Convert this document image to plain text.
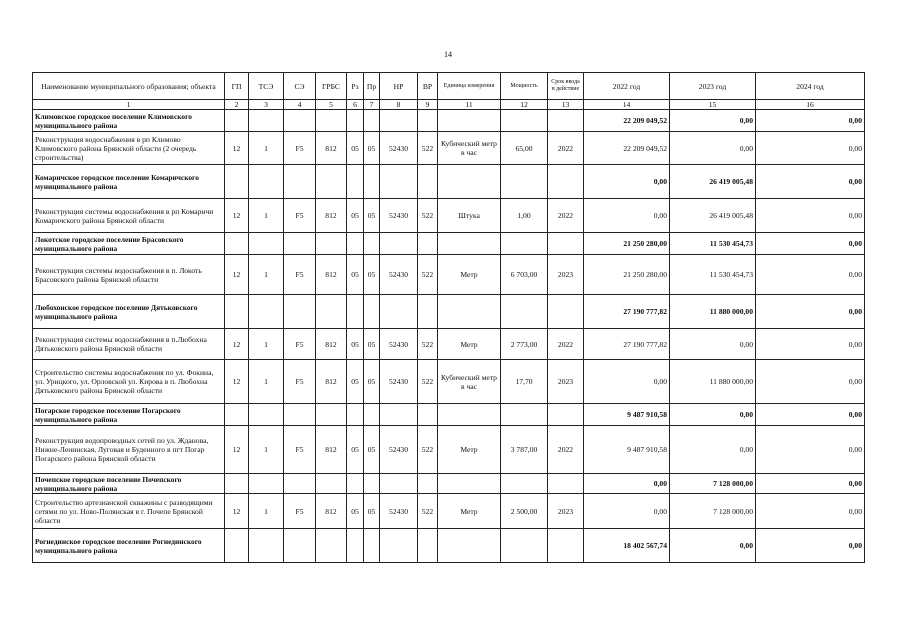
14
Наименование муниципального образования; объекта	ГП	ТСЭ	СЭ	ГРБС	Рз	Пр	НР	ВР	Единица измерения	Мощность	Срок ввода в действие	2022 год	2023 год	2024 год
1	2	3	4	5	6	7	8	9	11	12	13	14	15	16
Климовское городское поселение Климовского муниципального района												22 209 049,52	0,00	0,00
Реконструкция водоснабжения в рп Климово Климовского района Брянской области (2 очередь строительства)	12	1	F5	812	05	05	52430	522	Кубический метр в час	65,00	2022	22 209 049,52	0,00	0,00
Комаричское городское поселение Комаричского муниципального района												0,00	26 419 005,48	0,00
Реконструкция системы водоснабжения в рп Комаричи Комаричского района Брянской области	12	1	F5	812	05	05	52430	522	Штука	1,00	2022	0,00	26 419 005,48	0,00
Локотское городское поселение Брасовского муниципального района												21 250 280,00	11 530 454,73	0,00
Реконструкция системы водоснабжения в п. Локоть Брасовского района Брянской области	12	1	F5	812	05	05	52430	522	Метр	6 703,00	2023	21 250 280,00	11 530 454,73	0,00
Любохонское городское поселение Дятьковского муниципального района												27 190 777,82	11 880 000,00	0,00
Реконструкция системы водоснабжения в п.Любохна Дятьковского района Брянской области	12	1	F5	812	05	05	52430	522	Метр	2 773,00	2022	27 190 777,82	0,00	0,00
Строительство системы водоснабжения по ул. Фокина, ул. Урицкого, ул. Орловской ул. Кирова в п. Любохна Дятьковского района Брянской области	12	1	F5	812	05	05	52430	522	Кубический метр в час	17,70	2023	0,00	11 880 000,00	0,00
Погарское городское поселение Погарского муниципального района												9 487 910,58	0,00	0,00
Реконструкция водопроводных сетей по ул. Жданова, Нижне-Ленинская, Луговая и Буденного в пгт Погар Погарского района Брянской области	12	1	F5	812	05	05	52430	522	Метр	3 787,00	2022	9 487 910,58	0,00	0,00
Почепское городское поселение Почепского муниципального района												0,00	7 128 000,00	0,00
Строительство артезианской скважины с разводящими сетями по ул. Ново-Полянская в г. Почепе Брянской области	12	1	F5	812	05	05	52430	522	Метр	2 500,00	2023	0,00	7 128 000,00	0,00
Рогнединское городское поселение Рогнединского муниципального района												18 402 567,74	0,00	0,00
